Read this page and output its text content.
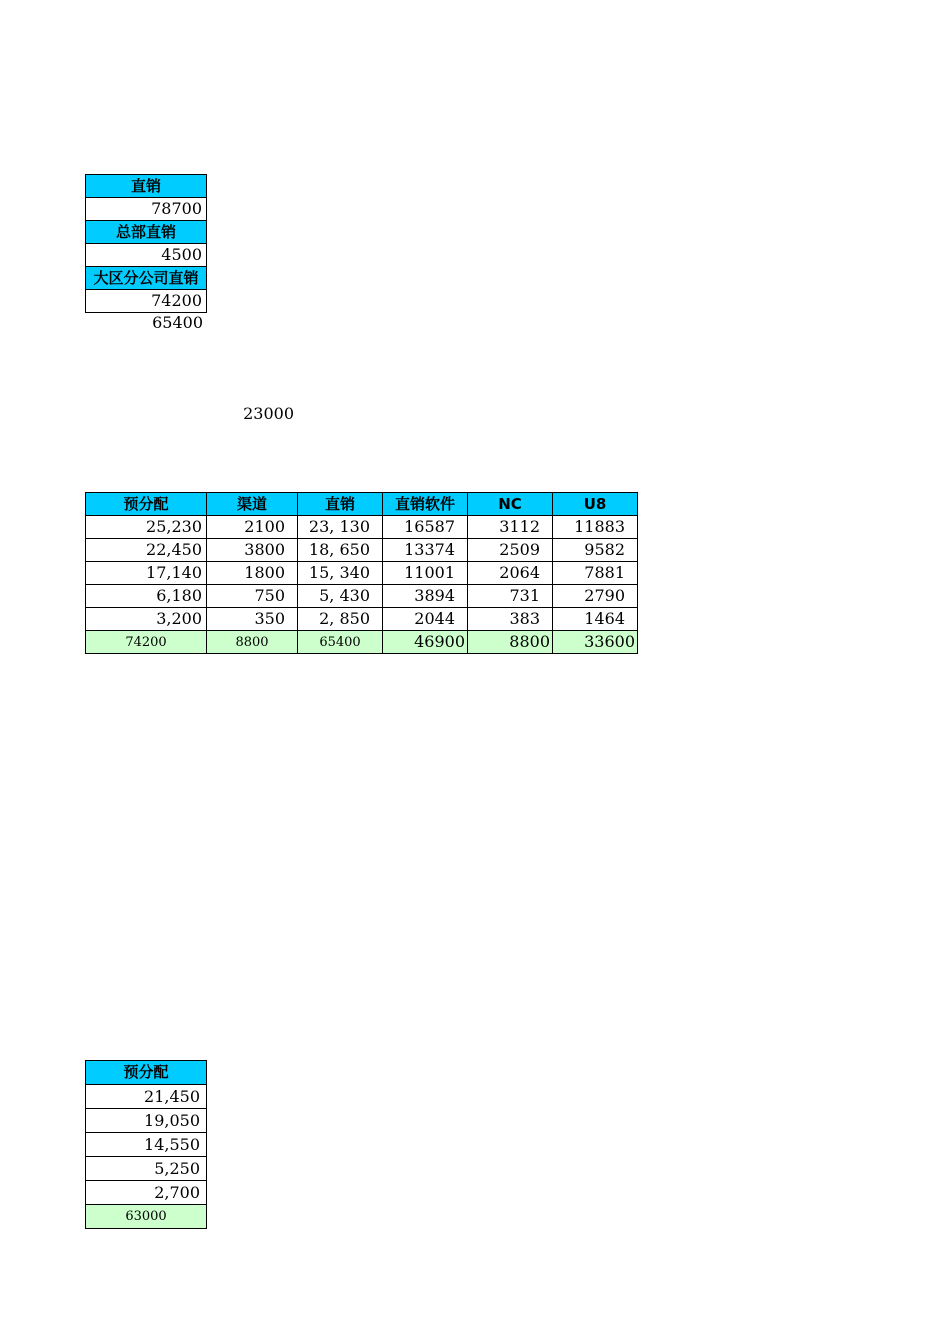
直销
78700
总部直销
4500
大区分公司直销
74200
65400
23000
预分配	渠道	直销	直销软件	NC	U8
25,230	2100	23, 130	16587	3112	11883
22,450	3800	18, 650	13374	2509	9582
17,140	1800	15, 340	11001	2064	7881
6,180	750	5, 430	3894	731	2790
3,200	350	2, 850	2044	383	1464
74200	8800	65400	46900	8800	33600
预分配
21,450
19,050
14,550
5,250
2,700
63000
